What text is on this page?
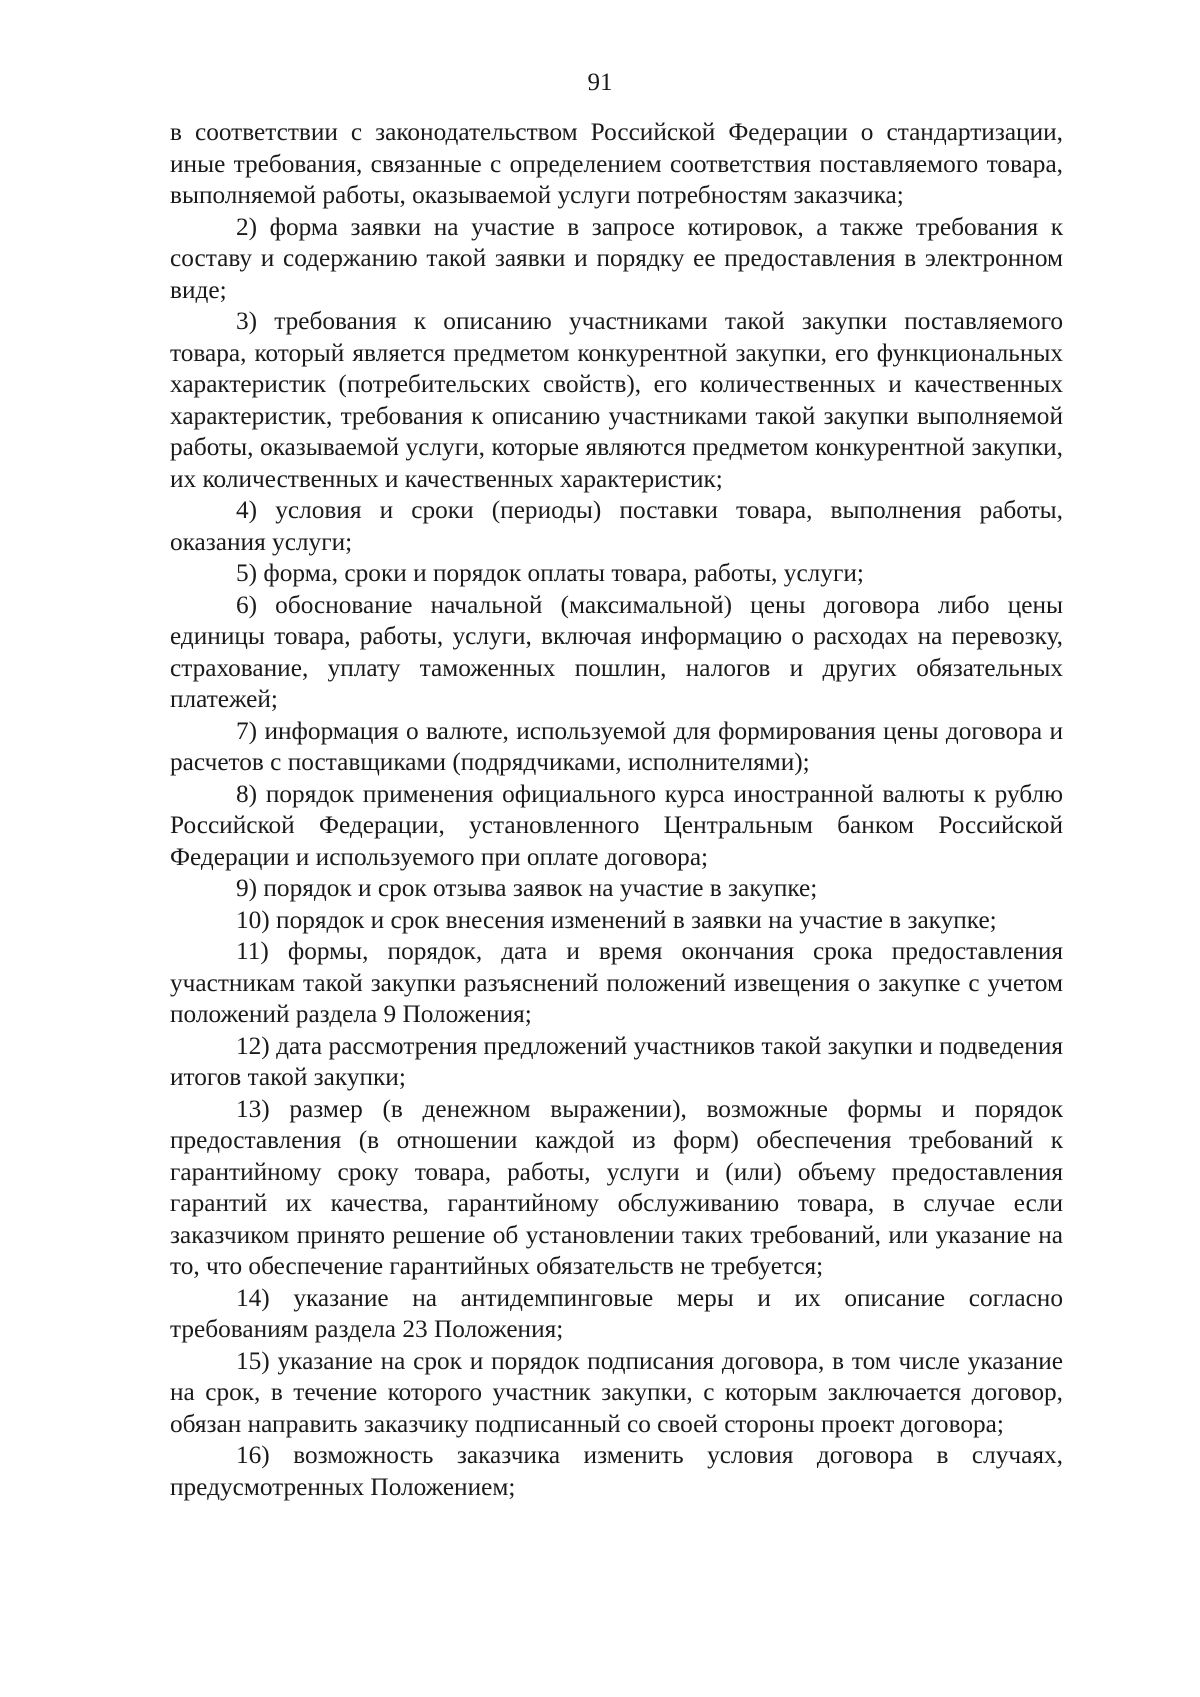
91

в соответствии с законодательством Российской Федерации о стандартизации, иные требования, связанные с определением соответствия поставляемого товара, выполняемой работы, оказываемой услуги потребностям заказчика;

2) форма заявки на участие в запросе котировок, а также требования к составу и содержанию такой заявки и порядку ее предоставления в электронном виде;

3) требования к описанию участниками такой закупки поставляемого товара, который является предметом конкурентной закупки, его функциональных характеристик (потребительских свойств), его количественных и качественных характеристик, требования к описанию участниками такой закупки выполняемой работы, оказываемой услуги, которые являются предметом конкурентной закупки, их количественных и качественных характеристик;

4) условия и сроки (периоды) поставки товара, выполнения работы, оказания услуги;

5) форма, сроки и порядок оплаты товара, работы, услуги;

6) обоснование начальной (максимальной) цены договора либо цены единицы товара, работы, услуги, включая информацию о расходах на перевозку, страхование, уплату таможенных пошлин, налогов и других обязательных платежей;

7) информация о валюте, используемой для формирования цены договора и расчетов с поставщиками (подрядчиками, исполнителями);

8) порядок применения официального курса иностранной валюты к рублю Российской Федерации, установленного Центральным банком Российской Федерации и используемого при оплате договора;

9) порядок и срок отзыва заявок на участие в закупке;

10) порядок и срок внесения изменений в заявки на участие в закупке;

11) формы, порядок, дата и время окончания срока предоставления участникам такой закупки разъяснений положений извещения о закупке с учетом положений раздела 9 Положения;

12) дата рассмотрения предложений участников такой закупки и подведения итогов такой закупки;

13) размер (в денежном выражении), возможные формы и порядок предоставления (в отношении каждой из форм) обеспечения требований к гарантийному сроку товара, работы, услуги и (или) объему предоставления гарантий их качества, гарантийному обслуживанию товара, в случае если заказчиком принято решение об установлении таких требований, или указание на то, что обеспечение гарантийных обязательств не требуется;

14) указание на антидемпинговые меры и их описание согласно требованиям раздела 23 Положения;

15) указание на срок и порядок подписания договора, в том числе указание на срок, в течение которого участник закупки, с которым заключается договор, обязан направить заказчику подписанный со своей стороны проект договора;

16) возможность заказчика изменить условия договора в случаях, предусмотренных Положением;
